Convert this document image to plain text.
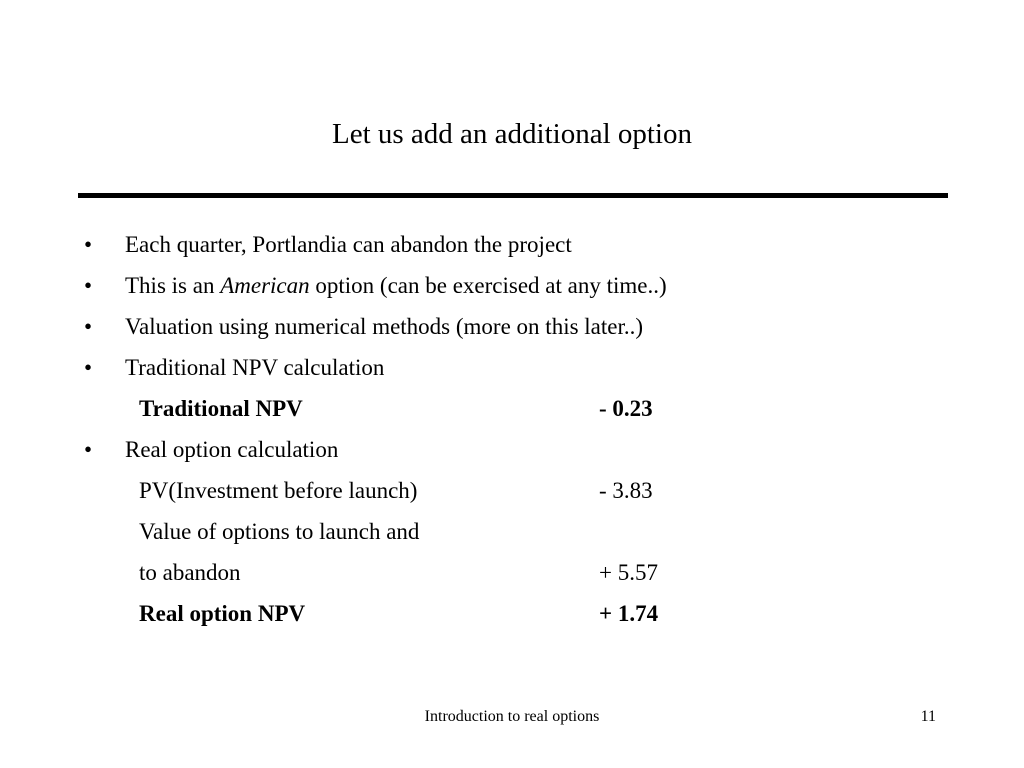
Let us add an additional option
•	Each quarter, Portlandia can abandon the project
•	This is an American option (can be exercised at any time..)
•	Valuation using numerical methods (more on this later..)
•	Traditional NPV calculation
Traditional NPV	- 0.23
•	Real option calculation
PV(Investment before launch)	- 3.83
Value of options to launch and
to abandon	+ 5.57
Real option NPV	+ 1.74
Introduction to real options	11
